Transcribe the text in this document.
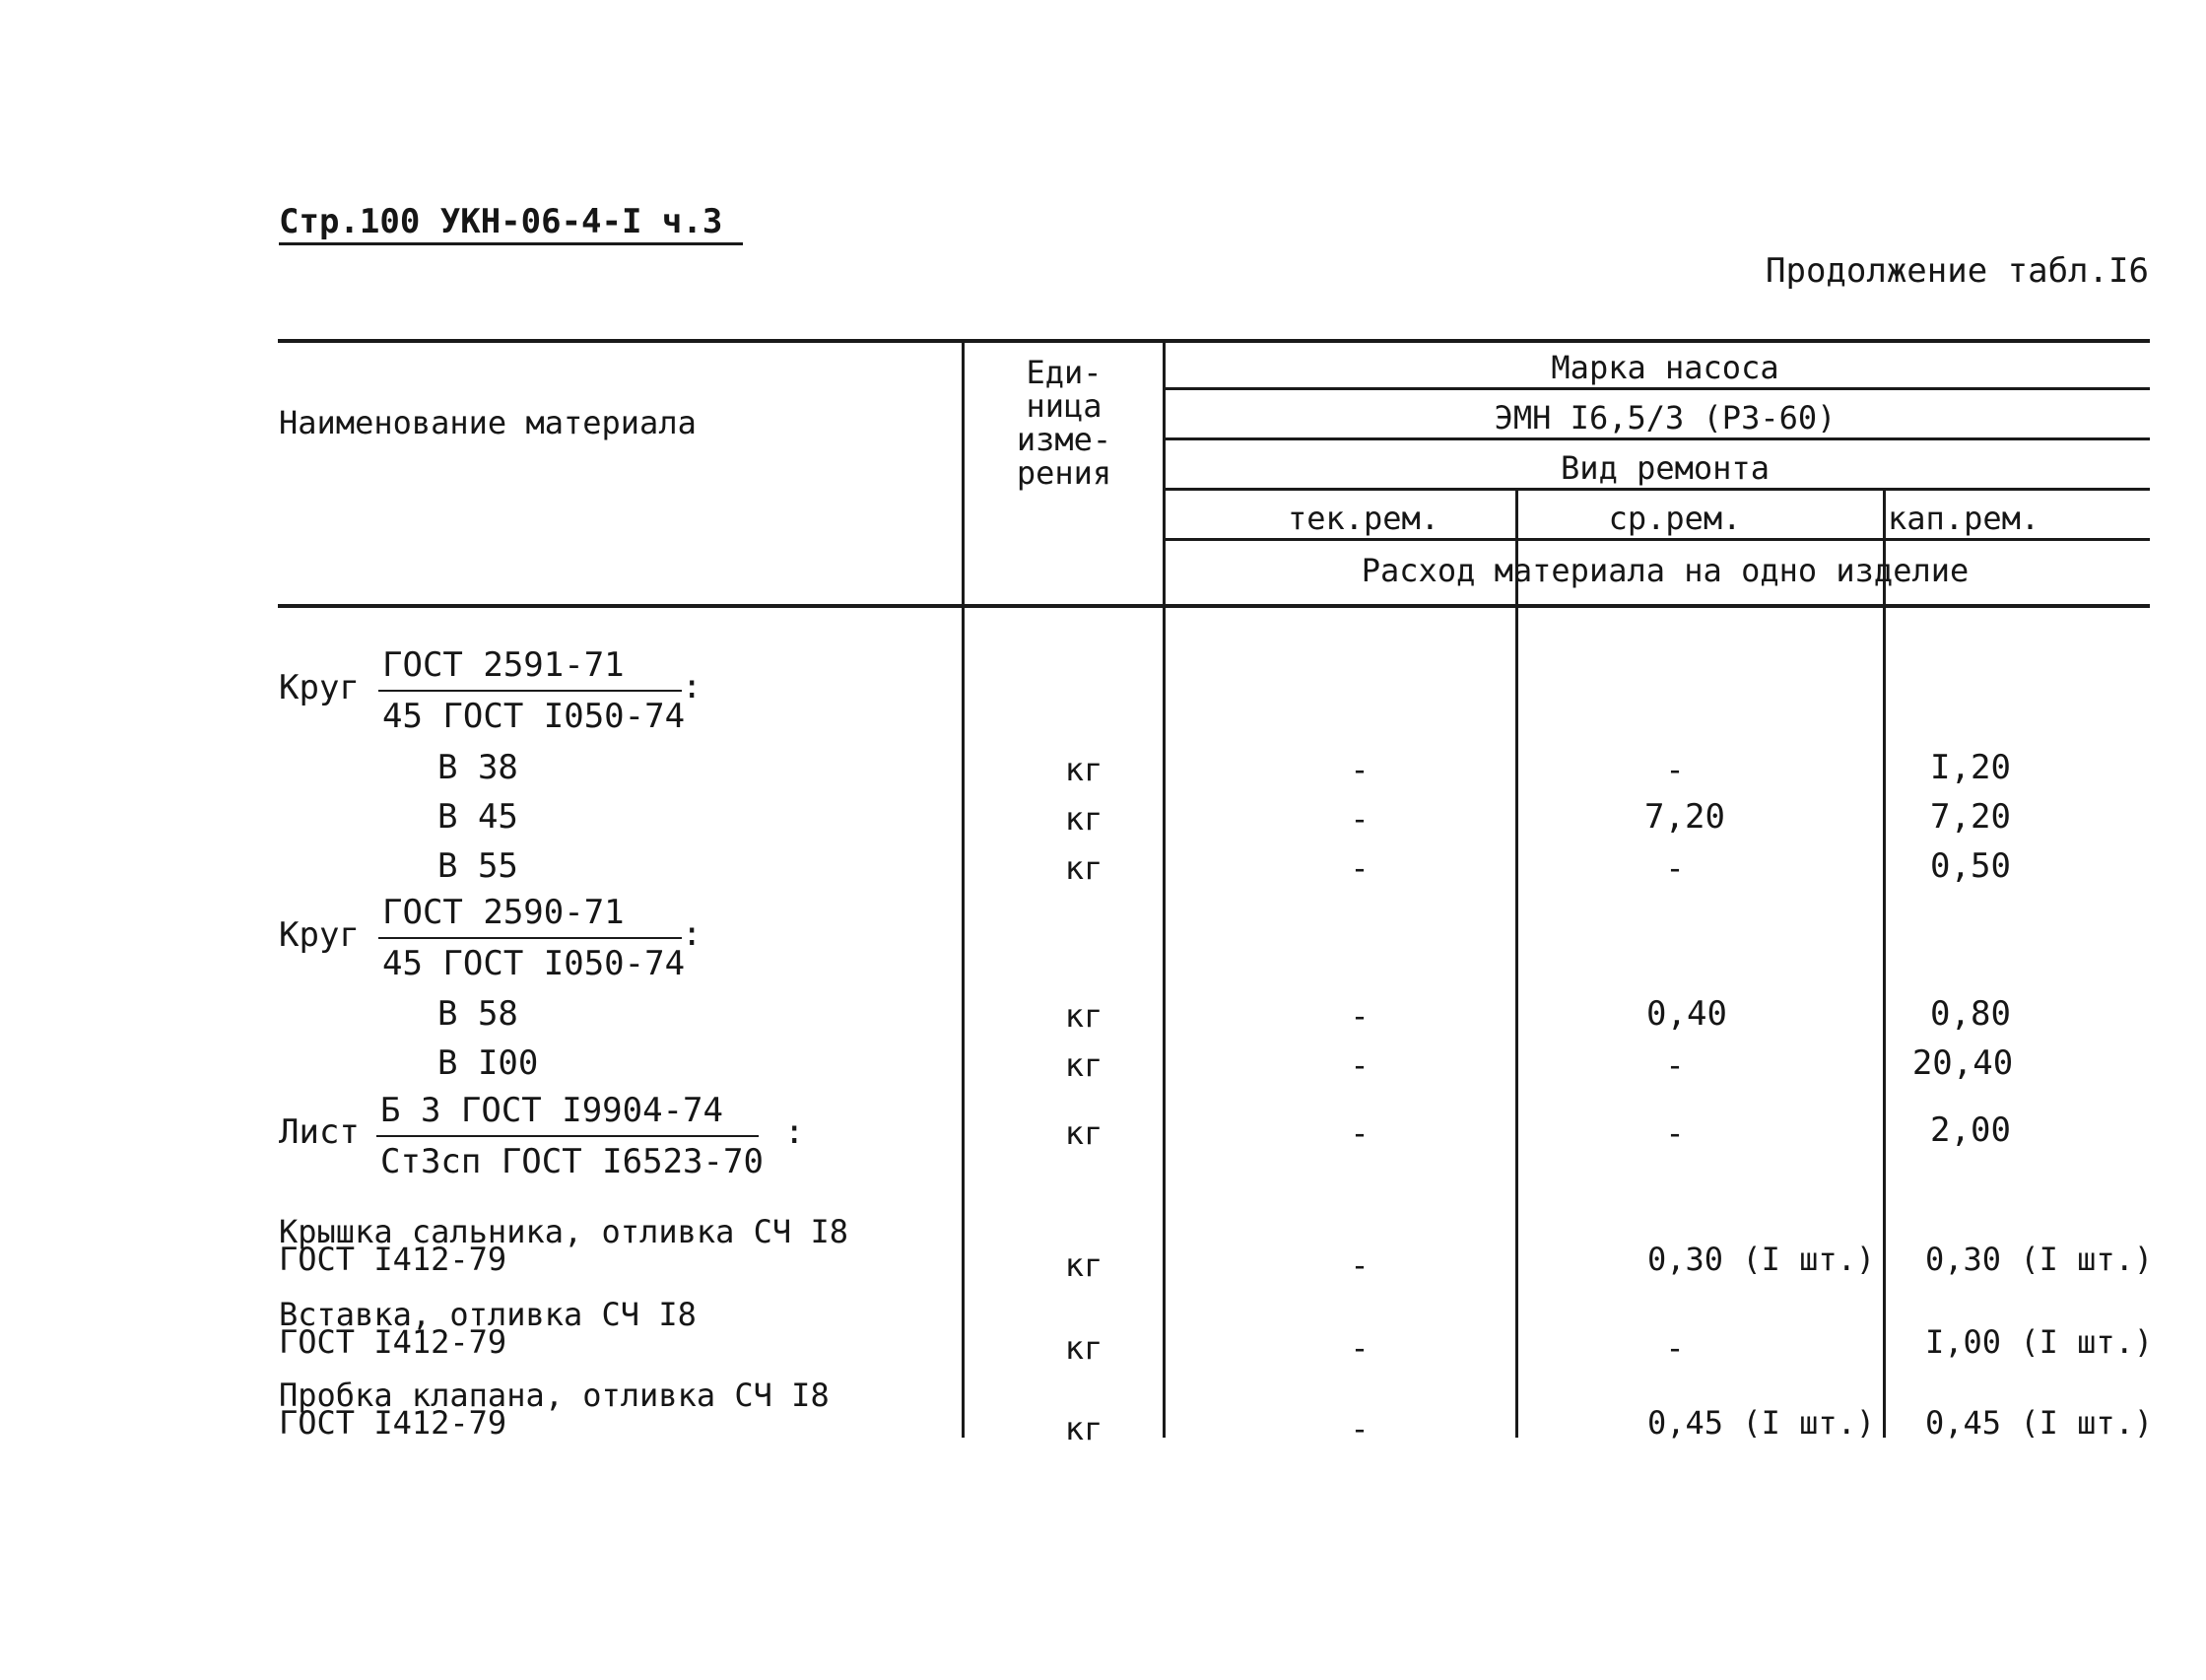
Стр.100 УКН-06-4-I ч.3
Продолжение табл.I6
Наименование материала
Еди-
ница
изме-
рения
Марка насоса
ЭМН I6,5/3 (Р3-60)
Вид ремонта
тек.рем.	ср.рем.	кап.рем.
Расход материала на одно изделие
Круг
ГОСТ 2591-71
45 ГОСТ I050-74
:
В 38	кг	-	-	I,20
В 45	кг	-	7,20	7,20
В 55	кг	-	-	0,50
Круг
ГОСТ 2590-71
45 ГОСТ I050-74
:
В 58	кг	-	0,40	0,80
В I00	кг	-	-	20,40
Лист
Б 3 ГОСТ I9904-74
Ст3сп ГОСТ I6523-70
:	кг	-	-	2,00
Крышка сальника, отливка СЧ I8
ГОСТ I412-79	кг	-	0,30 (I шт.) 0,30 (I шт.)
Вставка, отливка СЧ I8
ГОСТ I412-79	кг	-	-	I,00 (I шт.)
Пробка клапана, отливка СЧ I8
ГОСТ I412-79	кг	-	0,45 (I шт.) 0,45 (I шт.)
